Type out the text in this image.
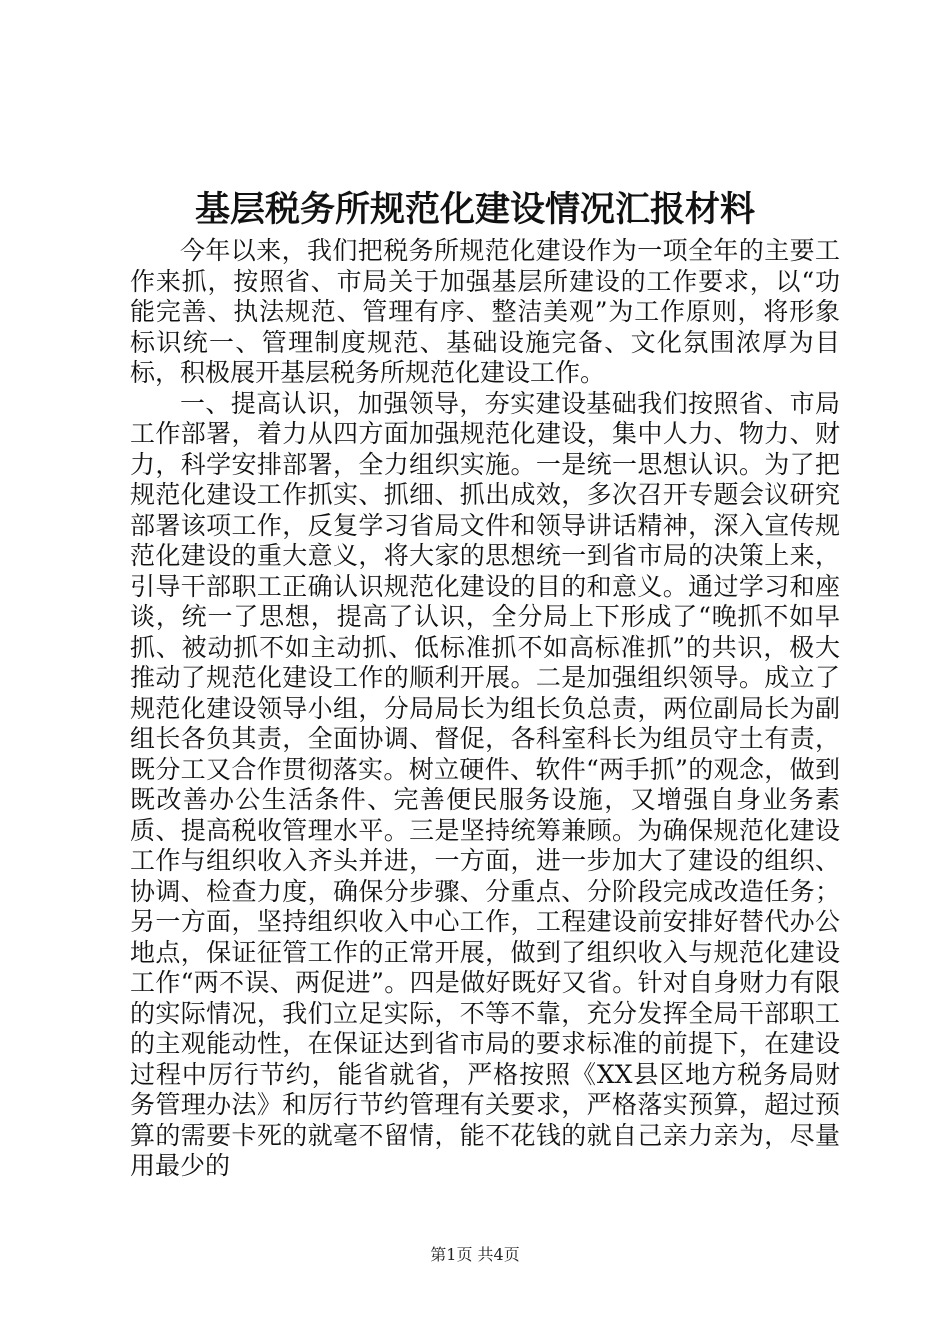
基层税务所规范化建设情况汇报材料

今年以来，我们把税务所规范化建设作为一项全年的主要工作来抓，按照省、市局关于加强基层所建设的工作要求，以“功能完善、执法规范、管理有序、整洁美观”为工作原则，将形象标识统一、管理制度规范、基础设施完备、文化氛围浓厚为目标，积极展开基层税务所规范化建设工作。

一、提高认识，加强领导，夯实建设基础我们按照省、市局工作部署，着力从四方面加强规范化建设，集中人力、物力、财力，科学安排部署，全力组织实施。一是统一思想认识。为了把规范化建设工作抓实、抓细、抓出成效，多次召开专题会议研究部署该项工作，反复学习省局文件和领导讲话精神，深入宣传规范化建设的重大意义，将大家的思想统一到省市局的决策上来，引导干部职工正确认识规范化建设的目的和意义。通过学习和座谈，统一了思想，提高了认识，全分局上下形成了“晚抓不如早抓、被动抓不如主动抓、低标准抓不如高标准抓”的共识，极大推动了规范化建设工作的顺利开展。二是加强组织领导。成立了规范化建设领导小组，分局局长为组长负总责，两位副局长为副组长各负其责，全面协调、督促，各科室科长为组员守土有责，既分工又合作贯彻落实。树立硬件、软件“两手抓”的观念，做到既改善办公生活条件、完善便民服务设施，又增强自身业务素质、提高税收管理水平。三是坚持统筹兼顾。为确保规范化建设工作与组织收入齐头并进，一方面，进一步加大了建设的组织、协调、检查力度，确保分步骤、分重点、分阶段完成改造任务；另一方面，坚持组织收入中心工作，工程建设前安排好替代办公地点，保证征管工作的正常开展，做到了组织收入与规范化建设工作“两不误、两促进”。四是做好既好又省。针对自身财力有限的实际情况，我们立足实际，不等不靠，充分发挥全局干部职工的主观能动性，在保证达到省市局的要求标准的前提下，在建设过程中厉行节约，能省就省，严格按照《XX县区地方税务局财务管理办法》和厉行节约管理有关要求，严格落实预算，超过预算的需要卡死的就毫不留情，能不花钱的就自己亲力亲为，尽量用最少的

第1页 共4页
